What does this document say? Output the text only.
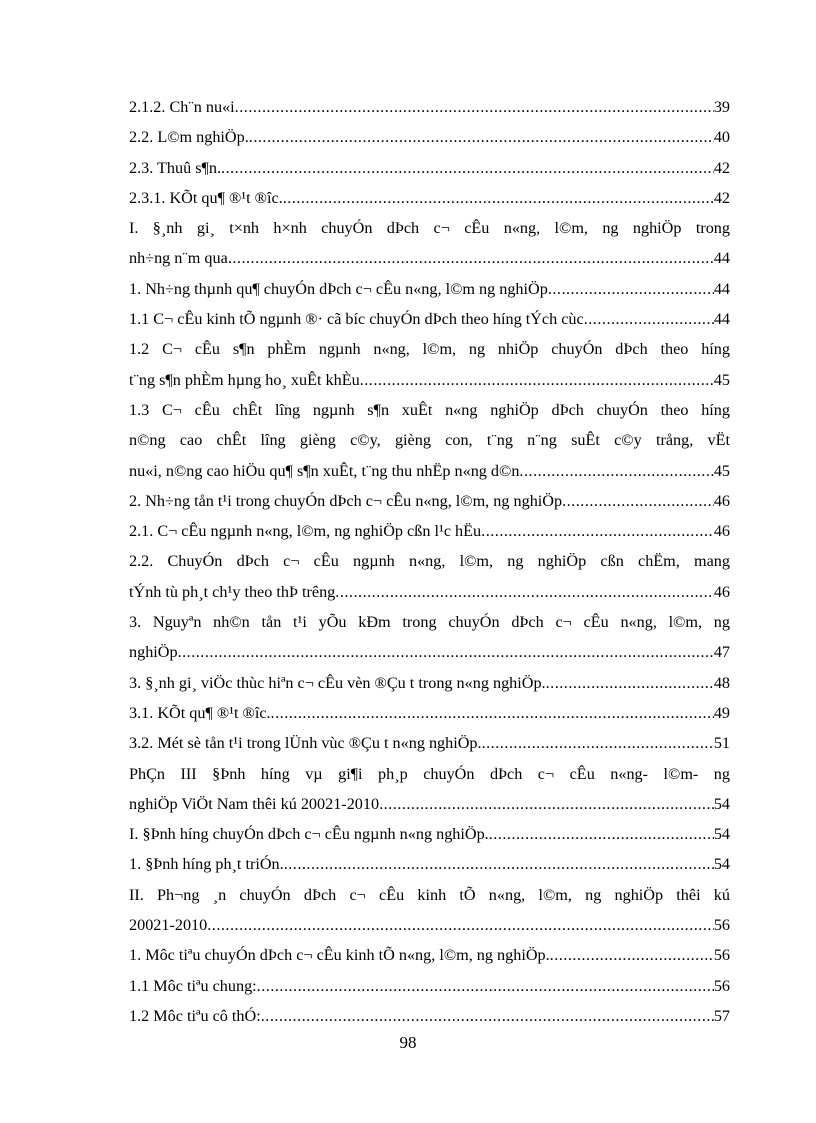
2.1.2. Ch¨n nu«i .....	39
2.2. L©m nghiÖp. .....	40
2.3. Thuû s¶n. .....	42
2.3.1. KÕt qu¶ ®¹t ®îc. .....	42
I. §¸nh gi¸ t×nh h×nh chuyÓn dÞch c¬ cÊu n«ng, l©m, ng nghiÖp trong
nh÷ng n¨m qua .....	44
1. Nh÷ng thµnh qu¶ chuyÓn dÞch c¬ cÊu n«ng, l©m ng nghiÖp .....	44
1.1 C¬ cÊu kinh tÕ ngµnh ®· cã bíc chuyÓn dÞch theo híng tÝch cùc .....	44
1.2 C¬ cÊu s¶n phÈm ngµnh n«ng, l©m, ng nhiÖp chuyÓn dÞch theo híng
t¨ng s¶n phÈm hµng ho¸ xuÊt khÈu .....	45
1.3 C¬ cÊu chÊt lîng ngµnh s¶n xuÊt n«ng nghiÖp dÞch chuyÓn theo híng
n©ng cao chÊt lîng gièng c©y, gièng con, t¨ng n¨ng suÊt c©y trång, vËt
nu«i, n©ng cao hiÖu qu¶ s¶n xuÊt, t¨ng thu nhËp n«ng d©n .....	45
2. Nh÷ng tån t¹i trong chuyÓn dÞch c¬ cÊu n«ng, l©m, ng nghiÖp .....	46
2.1. C¬ cÊu ngµnh n«ng, l©m, ng nghiÖp cßn l¹c hËu .....	46
2.2. ChuyÓn dÞch c¬ cÊu ngµnh n«ng, l©m, ng nghiÖp cßn chËm, mang
tÝnh tù ph¸t ch¹y theo thÞ trêng .....	46
3. Nguyªn nh©n tån t¹i yÕu kÐm trong chuyÓn dÞch c¬ cÊu n«ng, l©m, ng
nghiÖp .....	47
3. §¸nh gi¸ viÖc thùc hiªn c¬ cÊu vèn ®Çu t trong n«ng nghiÖp. .....	48
3.1. KÕt qu¶ ®¹t ®îc. .....	49
3.2. Mét sè tån t¹i trong lÜnh vùc ®Çu t n«ng nghiÖp. .....	51
PhÇn III §Þnh híng vµ gi¶i ph¸p chuyÓn dÞch c¬ cÊu n«ng- l©m- ng
nghiÖp ViÖt Nam thêi kú 20021-2010 .....	54
I. §Þnh híng chuyÓn dÞch c¬ cÊu ngµnh n«ng nghiÖp. .....	54
1. §Þnh híng ph¸t triÓn. .....	54
II. Ph¬ng ¸n chuyÓn dÞch c¬ cÊu kinh tÕ n«ng, l©m, ng nghiÖp thêi kú
20021-2010 .....	56
1. Môc tiªu chuyÓn dÞch c¬ cÊu kinh tÕ n«ng, l©m, ng nghiÖp. .....	56
1.1 Môc tiªu chung: .....	56
1.2 Môc tiªu cô thÓ: .....	57
98
